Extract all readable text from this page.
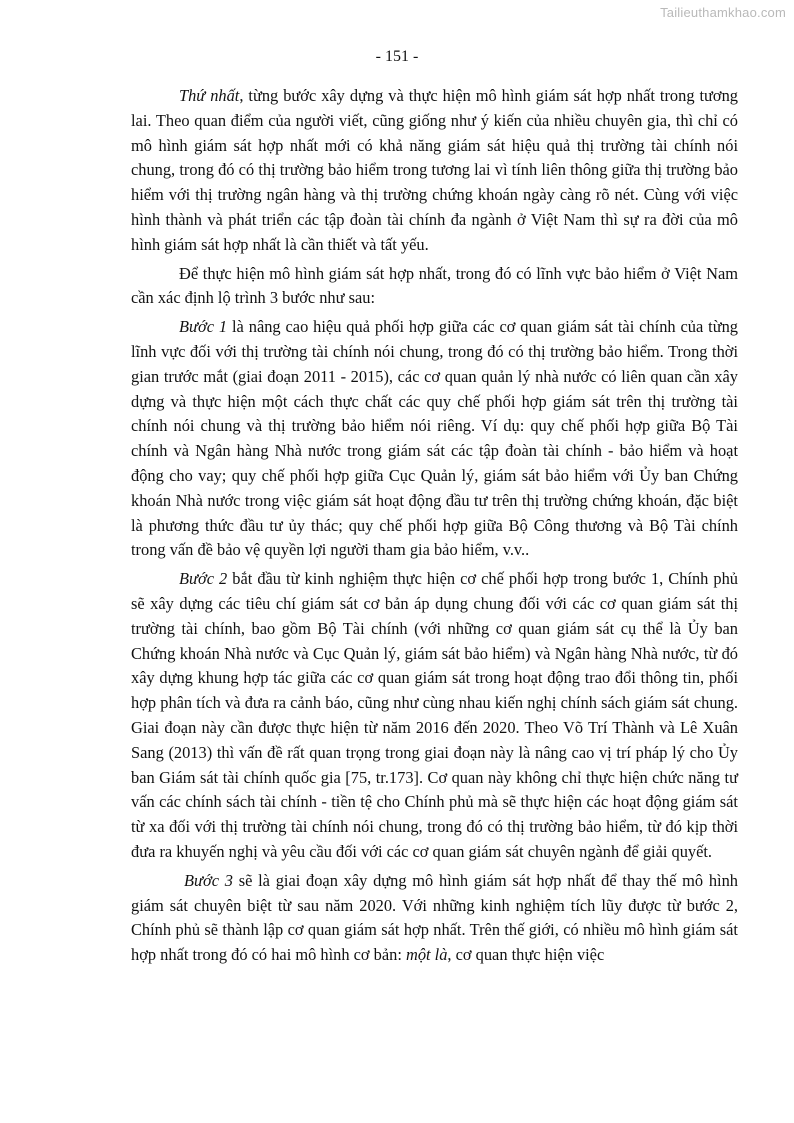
Tailieuthamkhao.com
- 151 -

Thứ nhất, từng bước xây dựng và thực hiện mô hình giám sát hợp nhất trong tương lai. Theo quan điểm của người viết, cũng giống như ý kiến của nhiều chuyên gia, thì chỉ có mô hình giám sát hợp nhất mới có khả năng giám sát hiệu quả thị trường tài chính nói chung, trong đó có thị trường bảo hiểm trong tương lai vì tính liên thông giữa thị trường bảo hiểm với thị trường ngân hàng và thị trường chứng khoán ngày càng rõ nét. Cùng với việc hình thành và phát triển các tập đoàn tài chính đa ngành ở Việt Nam thì sự ra đời của mô hình giám sát hợp nhất là cần thiết và tất yếu.

Để thực hiện mô hình giám sát hợp nhất, trong đó có lĩnh vực bảo hiểm ở Việt Nam cần xác định lộ trình 3 bước như sau:

Bước 1 là nâng cao hiệu quả phối hợp giữa các cơ quan giám sát tài chính của từng lĩnh vực đối với thị trường tài chính nói chung, trong đó có thị trường bảo hiểm. Trong thời gian trước mắt (giai đoạn 2011 - 2015), các cơ quan quản lý nhà nước có liên quan cần xây dựng và thực hiện một cách thực chất các quy chế phối hợp giám sát trên thị trường tài chính nói chung và thị trường bảo hiểm nói riêng. Ví dụ: quy chế phối hợp giữa Bộ Tài chính và Ngân hàng Nhà nước trong giám sát các tập đoàn tài chính - bảo hiểm và hoạt động cho vay; quy chế phối hợp giữa Cục Quản lý, giám sát bảo hiểm với Ủy ban Chứng khoán Nhà nước trong việc giám sát hoạt động đầu tư trên thị trường chứng khoán, đặc biệt là phương thức đầu tư ủy thác; quy chế phối hợp giữa Bộ Công thương và Bộ Tài chính trong vấn đề bảo vệ quyền lợi người tham gia bảo hiểm, v.v..

Bước 2 bắt đầu từ kinh nghiệm thực hiện cơ chế phối hợp trong bước 1, Chính phủ sẽ xây dựng các tiêu chí giám sát cơ bản áp dụng chung đối với các cơ quan giám sát thị trường tài chính, bao gồm Bộ Tài chính (với những cơ quan giám sát cụ thể là Ủy ban Chứng khoán Nhà nước và Cục Quản lý, giám sát bảo hiểm) và Ngân hàng Nhà nước, từ đó xây dựng khung hợp tác giữa các cơ quan giám sát trong hoạt động trao đổi thông tin, phối hợp phân tích và đưa ra cảnh báo, cũng như cùng nhau kiến nghị chính sách giám sát chung. Giai đoạn này cần được thực hiện từ năm 2016 đến 2020. Theo Võ Trí Thành và Lê Xuân Sang (2013) thì vấn đề rất quan trọng trong giai đoạn này là nâng cao vị trí pháp lý cho Ủy ban Giám sát tài chính quốc gia [75, tr.173]. Cơ quan này không chỉ thực hiện chức năng tư vấn các chính sách tài chính - tiền tệ cho Chính phủ mà sẽ thực hiện các hoạt động giám sát từ xa đối với thị trường tài chính nói chung, trong đó có thị trường bảo hiểm, từ đó kịp thời đưa ra khuyến nghị và yêu cầu đối với các cơ quan giám sát chuyên ngành để giải quyết.

Bước 3 sẽ là giai đoạn xây dựng mô hình giám sát hợp nhất để thay thế mô hình giám sát chuyên biệt từ sau năm 2020. Với những kinh nghiệm tích lũy được từ bước 2, Chính phủ sẽ thành lập cơ quan giám sát hợp nhất. Trên thế giới, có nhiều mô hình giám sát hợp nhất trong đó có hai mô hình cơ bản: một là, cơ quan thực hiện việc
